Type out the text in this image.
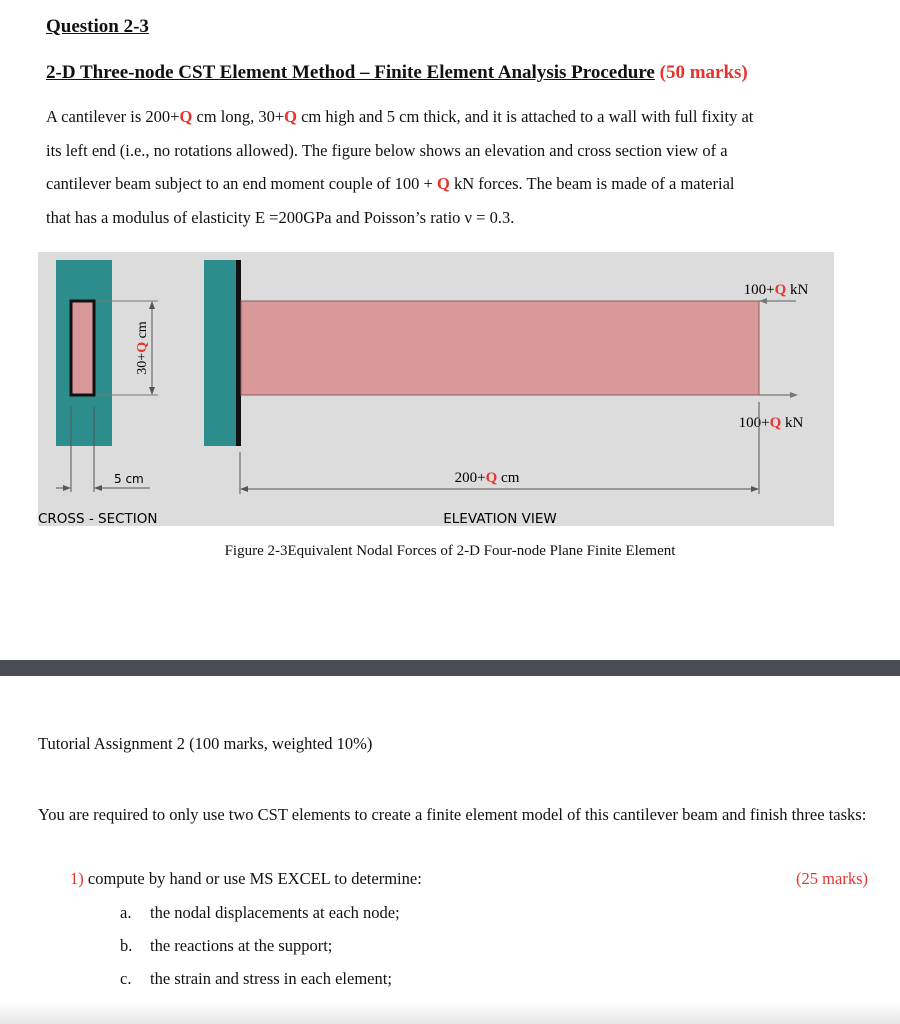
Question 2-3
2-D Three-node CST Element Method – Finite Element Analysis Procedure (50 marks)

A cantilever is 200+Q cm long, 30+Q cm high and 5 cm thick, and it is attached to a wall with full fixity at
its left end (i.e., no rotations allowed). The figure below shows an elevation and cross section view of a
cantilever beam subject to an end moment couple of 100 + Q kN forces. The beam is made of a material
that has a modulus of elasticity E =200GPa and Poisson’s ratio ν = 0.3.

30+Q cm
5 cm
CROSS - SECTION
100+Q kN
100+Q kN
200+Q cm
ELEVATION VIEW
Figure 2-3Equivalent Nodal Forces of 2-D Four-node Plane Finite Element

Tutorial Assignment 2 (100 marks, weighted 10%)

You are required to only use two CST elements to create a finite element model of this cantilever beam and finish three tasks:

1) compute by hand or use MS EXCEL to determine:	(25 marks)
a. the nodal displacements at each node;
b. the reactions at the support;
c. the strain and stress in each element;
